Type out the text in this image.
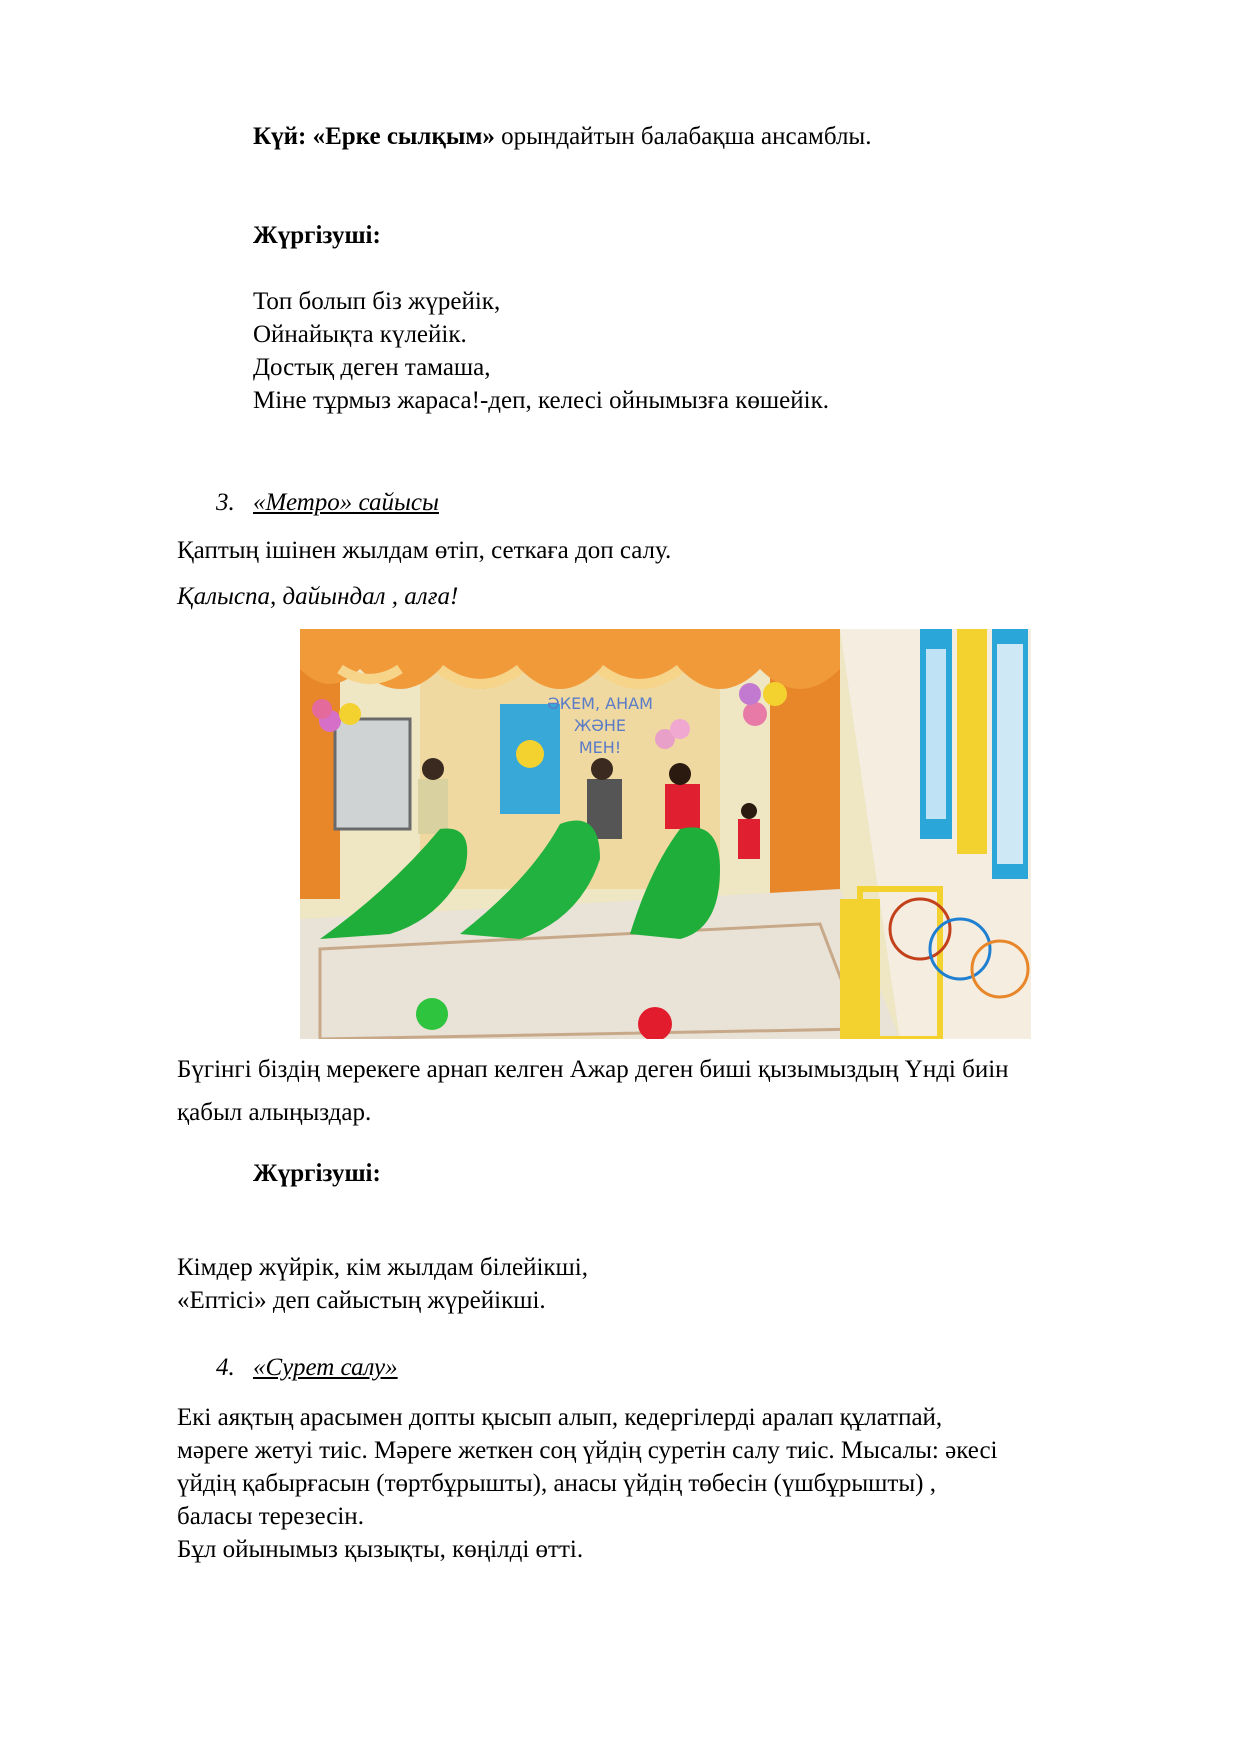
Күй: «Ерке сылқым» орындайтын балабақша ансамблы.
Жүргізуші:
Топ болып біз жүрейік,
Ойнайықта күлейік.
Достық деген тамаша,
Міне тұрмыз жараса!-деп, келесі ойнымызға көшейік.
3. «Метро» сайысы
Қаптың ішінен жылдам өтіп, сеткаға доп салу.
Қалыспа, дайындал , алға!
ӘКЕМ, АНАМ
ЖӘНЕ
МЕН!
Бүгінгі біздің мерекеге арнап келген Ажар деген биші қызымыздың Үнді биін
қабыл алыңыздар.
Жүргізуші:
Кімдер жүйрік, кім жылдам білейікші,
«Ептісі» деп сайыстың жүрейікші.
4. «Сурет салу»
Екі аяқтың арасымен допты қысып алып, кедергілерді аралап құлатпай,
мәреге жетуі тиіс. Мәреге жеткен соң үйдің суретін салу тиіс. Мысалы: әкесі
үйдің қабырғасын (төртбұрышты), анасы үйдің төбесін (үшбұрышты) ,
баласы терезесін.
Бұл ойынымыз қызықты, көңілді өтті.
